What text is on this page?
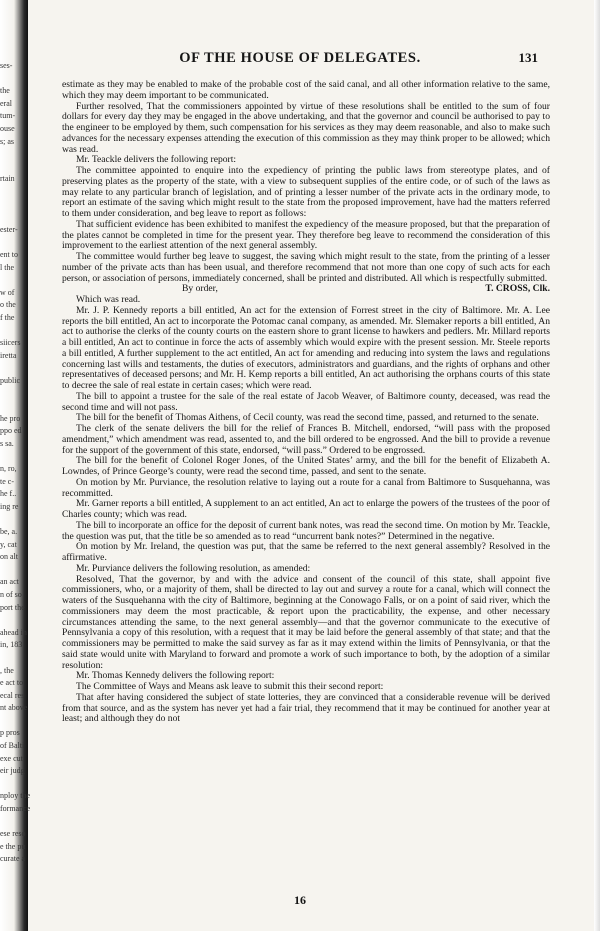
ses-
the
eral
tum-
ouse
s; as
rtain
ester-
ent to
l the
w of
o the
f the
siicers
iretta
public
he pro
ppo ed
s sa.
n, ro,
te c-
he f..
ing re
be, a.
y, cat
on alt
an act
n of so
port the
ahead in
in, 183
, the
e act to
ecal res
nt above
p pros
of Balti
exe cut
eir judg
nploy the
formance
ese reso
e the pu
curate a
OF THE HOUSE OF DELEGATES.	131

estimate as they may be enabled to make of the probable cost of the said canal, and all other information relative to the same, which they may deem important to be communicated.

Further resolved, That the commissioners appointed by virtue of these resolutions shall be entitled to the sum of four dollars for every day they may be engaged in the above undertaking, and that the governor and council be authorised to pay to the engineer to be employed by them, such compensation for his services as they may deem reasonable, and also to make such advances for the necessary expenses attending the execution of this commission as they may think proper to be allowed; which was read.

Mr. Teackle delivers the following report:

The committee appointed to enquire into the expediency of printing the public laws from stereotype plates, and of preserving plates as the property of the state, with a view to subsequent supplies of the entire code, or of such of the laws as may relate to any particular branch of legislation, and of printing a lesser number of the private acts in the ordinary mode, to report an estimate of the saving which might result to the state from the proposed improvement, have had the matters referred to them under consideration, and beg leave to report as follows:

That sufficient evidence has been exhibited to manifest the expediency of the measure proposed, but that the preparation of the plates cannot be completed in time for the present year. They therefore beg leave to recommend the consideration of this improvement to the earliest attention of the next general assembly.

The committee would further beg leave to suggest, the saving which might result to the state, from the printing of a lesser number of the private acts than has been usual, and therefore recommend that not more than one copy of such acts for each person, or association of persons, immediately concerned, shall be printed and distributed. All which is respectfully submitted.

By order,	T. CROSS, Clk.

Which was read.

Mr. J. P. Kennedy reports a bill entitled, An act for the extension of Forrest street in the city of Baltimore. Mr. A. Lee reports the bill entitled, An act to incorporate the Potomac canal company, as amended. Mr. Slemaker reports a bill entitled, An act to authorise the clerks of the county courts on the eastern shore to grant license to hawkers and pedlers. Mr. Millard reports a bill entitled, An act to continue in force the acts of assembly which would expire with the present session. Mr. Steele reports a bill entitled, A further supplement to the act entitled, An act for amending and reducing into system the laws and regulations concerning last wills and testaments, the duties of executors, administrators and guardians, and the rights of orphans and other representatives of deceased persons; and Mr. H. Kemp reports a bill entitled, An act authorising the orphans courts of this state to decree the sale of real estate in certain cases; which were read.

The bill to appoint a trustee for the sale of the real estate of Jacob Weaver, of Baltimore county, deceased, was read the second time and will not pass.

The bill for the benefit of Thomas Aithens, of Cecil county, was read the second time, passed, and returned to the senate.

The clerk of the senate delivers the bill for the relief of Frances B. Mitchell, endorsed, “will pass with the proposed amendment,” which amendment was read, assented to, and the bill ordered to be engrossed. And the bill to provide a revenue for the support of the government of this state, endorsed, “will pass.” Ordered to be engrossed.

The bill for the benefit of Colonel Roger Jones, of the United States’ army, and the bill for the benefit of Elizabeth A. Lowndes, of Prince George’s county, were read the second time, passed, and sent to the senate.

On motion by Mr. Purviance, the resolution relative to laying out a route for a canal from Baltimore to Susquehanna, was recommitted.

Mr. Garner reports a bill entitled, A supplement to an act entitled, An act to enlarge the powers of the trustees of the poor of Charles county; which was read.

The bill to incorporate an office for the deposit of current bank notes, was read the second time. On motion by Mr. Teackle, the question was put, that the title be so amended as to read “uncurrent bank notes?” Determined in the negative.

On motion by Mr. Ireland, the question was put, that the same be referred to the next general assembly? Resolved in the affirmative.

Mr. Purviance delivers the following resolution, as amended:

Resolved, That the governor, by and with the advice and consent of the council of this state, shall appoint five commissioners, who, or a majority of them, shall be directed to lay out and survey a route for a canal, which will connect the waters of the Susquehanna with the city of Baltimore, beginning at the Conowago Falls, or on a point of said river, which the commissioners may deem the most practicable, & report upon the practicability, the expense, and other necessary circumstances attending the same, to the next general assembly—and that the governor communicate to the executive of Pennsylvania a copy of this resolution, with a request that it may be laid before the general assembly of that state; and that the commissioners may be permitted to make the said survey as far as it may extend within the limits of Pennsylvania, or that the said state would unite with Maryland to forward and promote a work of such importance to both, by the adoption of a similar resolution:

Mr. Thomas Kennedy delivers the following report:

The Committee of Ways and Means ask leave to submit this their second report:

That after having considered the subject of state lotteries, they are convinced that a considerable revenue will be derived from that source, and as the system has never yet had a fair trial, they recommend that it may be continued for another year at least; and although they do not

16
